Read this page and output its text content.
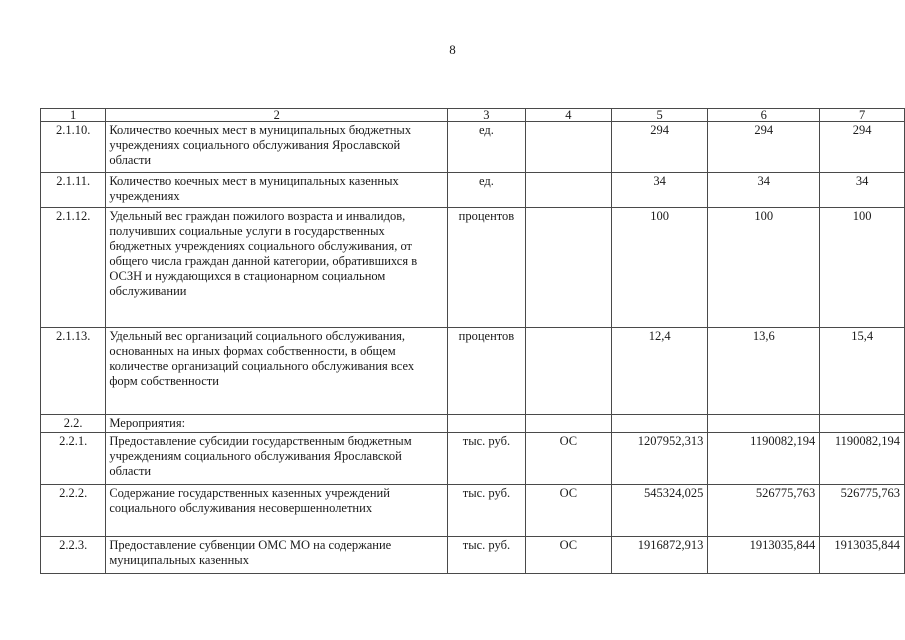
8
1	2	3	4	5	6	7
2.1.10.	Количество коечных мест в муниципальных бюджетных учреждениях социального обслуживания Ярославской области	ед.		294	294	294
2.1.11.	Количество коечных мест в муниципальных казенных учреждениях	ед.		34	34	34
2.1.12.	Удельный вес граждан пожилого возраста и инвалидов, получивших социальные услуги в государственных бюджетных учреждениях социального обслуживания, от общего числа граждан данной категории, обратившихся в ОСЗН и нуждающихся в стационарном социальном обслуживании	процентов		100	100	100
2.1.13.	Удельный вес организаций социального обслуживания, основанных на иных формах собственности, в общем количестве организаций социального обслуживания всех форм собственности	процентов		12,4	13,6	15,4
2.2.	Мероприятия:					
2.2.1.	Предоставление субсидии государственным бюджетным учреждениям социального обслуживания Ярославской области	тыс. руб.	ОС	1207952,313	1190082,194	1190082,194
2.2.2.	Содержание государственных казенных учреждений социального обслуживания несовершеннолетних	тыс. руб.	ОС	545324,025	526775,763	526775,763
2.2.3.	Предоставление субвенции ОМС МО на содержание муниципальных казенных	тыс. руб.	ОС	1916872,913	1913035,844	1913035,844
